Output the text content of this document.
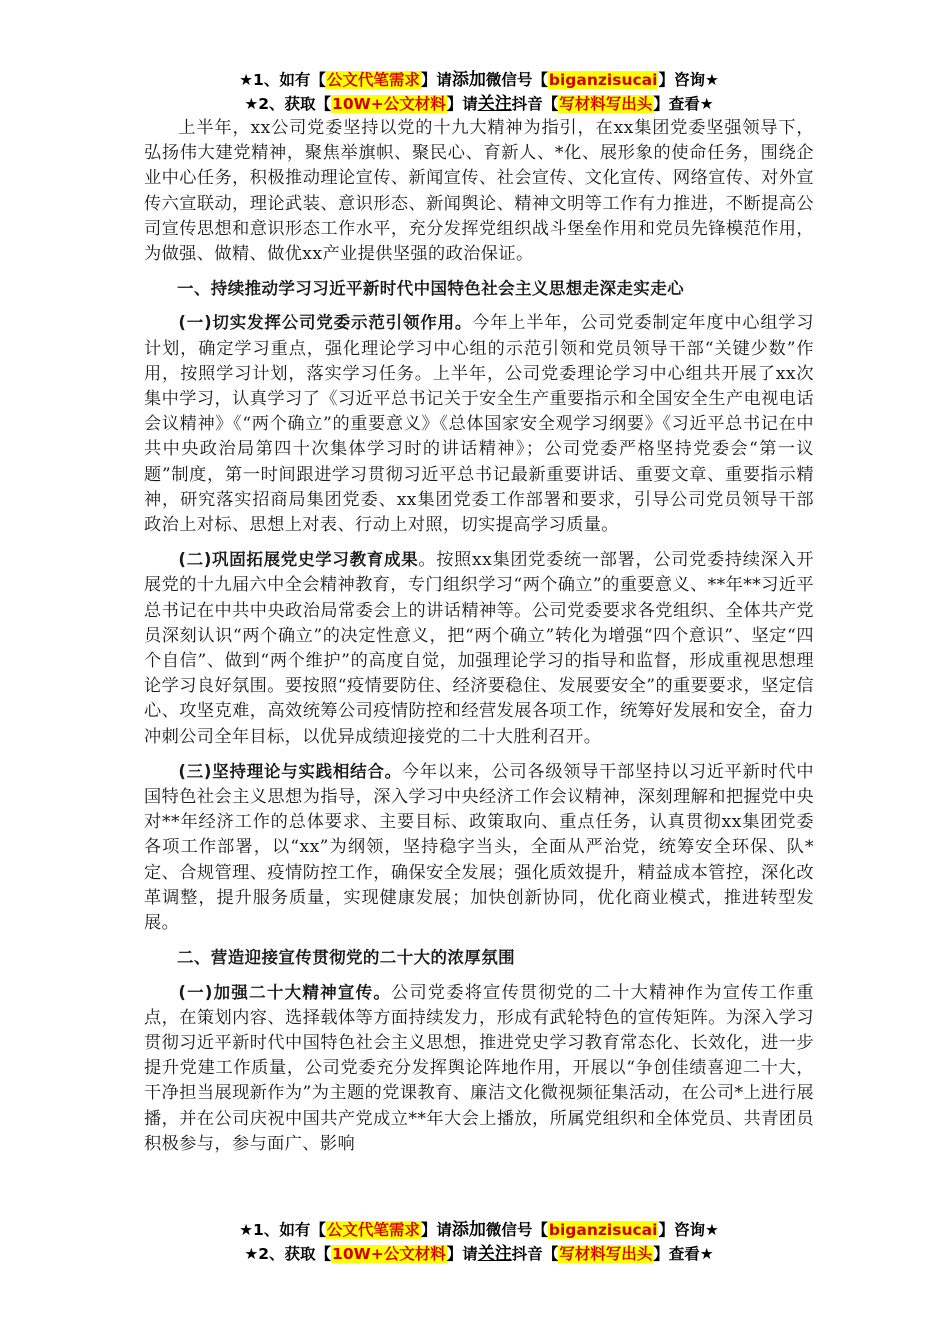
★1、如有【公文代笔需求】请添加微信号【biganzisucai】咨询★
★2、获取【10W+公文材料】请关注抖音【写材料写出头】查看★

上半年，xx公司党委坚持以党的十九大精神为指引，在xx集团党委坚强领导下，弘扬伟大建党精神，聚焦举旗帜、聚民心、育新人、*化、展形象的使命任务，围绕企业中心任务，积极推动理论宣传、新闻宣传、社会宣传、文化宣传、网络宣传、对外宣传六宣联动，理论武装、意识形态、新闻舆论、精神文明等工作有力推进，不断提高公司宣传思想和意识形态工作水平，充分发挥党组织战斗堡垒作用和党员先锋模范作用，为做强、做精、做优xx产业提供坚强的政治保证。

一、持续推动学习习近平新时代中国特色社会主义思想走深走实走心

(一)切实发挥公司党委示范引领作用。今年上半年，公司党委制定年度中心组学习计划，确定学习重点，强化理论学习中心组的示范引领和党员领导干部“关键少数”作用，按照学习计划，落实学习任务。上半年，公司党委理论学习中心组共开展了xx次集中学习，认真学习了《习近平总书记关于安全生产重要指示和全国安全生产电视电话会议精神》《“两个确立”的重要意义》《总体国家安全观学习纲要》《习近平总书记在中共中央政治局第四十次集体学习时的讲话精神》；公司党委严格坚持党委会“第一议题”制度，第一时间跟进学习贯彻习近平总书记最新重要讲话、重要文章、重要指示精神，研究落实招商局集团党委、xx集团党委工作部署和要求，引导公司党员领导干部政治上对标、思想上对表、行动上对照，切实提高学习质量。

(二)巩固拓展党史学习教育成果。按照xx集团党委统一部署，公司党委持续深入开展党的十九届六中全会精神教育，专门组织学习“两个确立”的重要意义、**年**习近平总书记在中共中央政治局常委会上的讲话精神等。公司党委要求各党组织、全体共产党员深刻认识“两个确立”的决定性意义，把“两个确立”转化为增强“四个意识”、坚定“四个自信”、做到“两个维护”的高度自觉，加强理论学习的指导和监督，形成重视思想理论学习良好氛围。要按照“疫情要防住、经济要稳住、发展要安全”的重要要求，坚定信心、攻坚克难，高效统筹公司疫情防控和经营发展各项工作，统筹好发展和安全，奋力冲刺公司全年目标，以优异成绩迎接党的二十大胜利召开。

(三)坚持理论与实践相结合。今年以来，公司各级领导干部坚持以习近平新时代中国特色社会主义思想为指导，深入学习中央经济工作会议精神，深刻理解和把握党中央对**年经济工作的总体要求、主要目标、政策取向、重点任务，认真贯彻xx集团党委各项工作部署，以“xx”为纲领，坚持稳字当头，全面从严治党，统筹安全环保、队*定、合规管理、疫情防控工作，确保安全发展；强化质效提升，精益成本管控，深化改革调整，提升服务质量，实现健康发展；加快创新协同，优化商业模式，推进转型发展。

二、营造迎接宣传贯彻党的二十大的浓厚氛围

(一)加强二十大精神宣传。公司党委将宣传贯彻党的二十大精神作为宣传工作重点，在策划内容、选择载体等方面持续发力，形成有武轮特色的宣传矩阵。为深入学习贯彻习近平新时代中国特色社会主义思想，推进党史学习教育常态化、长效化，进一步提升党建工作质量，公司党委充分发挥舆论阵地作用，开展以“争创佳绩喜迎二十大，干净担当展现新作为”为主题的党课教育、廉洁文化微视频征集活动，在公司*上进行展播，并在公司庆祝中国共产党成立**年大会上播放，所属党组织和全体党员、共青团员积极参与，参与面广、影响

★1、如有【公文代笔需求】请添加微信号【biganzisucai】咨询★
★2、获取【10W+公文材料】请关注抖音【写材料写出头】查看★
